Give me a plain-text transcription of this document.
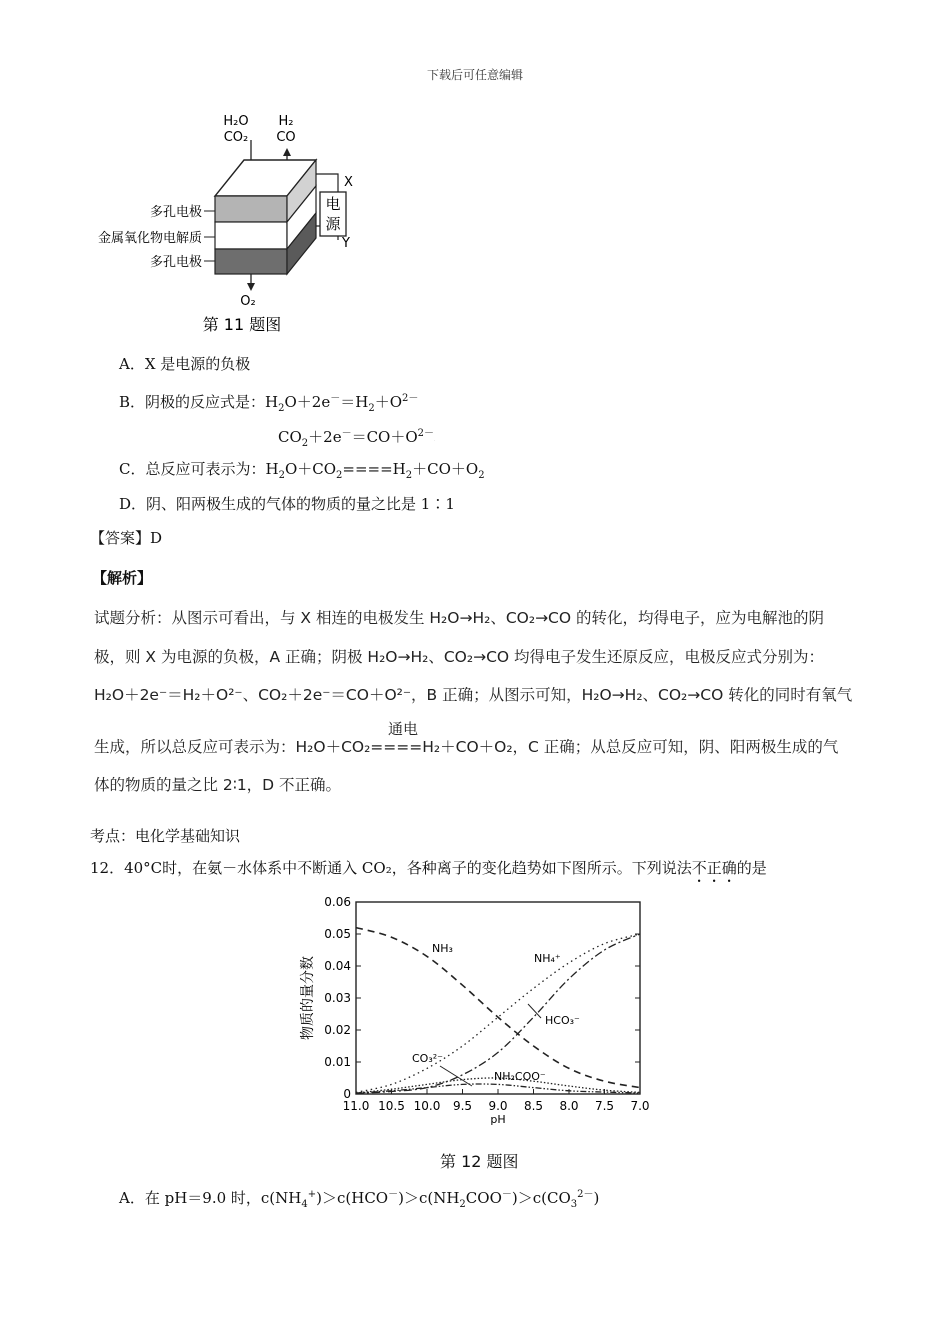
下载后可任意编辑
H₂O
CO₂
H₂
CO
电
源
X
Y
多孔电极
金属氧化物电解质
多孔电极
O₂
第 11 题图
A．X 是电源的负极
B．阴极的反应式是：$H_2O+2e^-=H_2+O^{2-}$
$CO_2+2e^-=CO+O^{2-}\cdot$
C．总反应可表示为：$H_2O+CO_2====H_2+CO+O_2$
D．阴、阳两极生成的气体的物质的量之比是 1∶1
【答案】D
【解析】
试题分析：从图示可看出，与 X 相连的电极发生 H₂O→H₂、CO₂→CO 的转化，均得电子，应为电解池的阴
极，则 X 为电源的负极，A 正确；阴极 H₂O→H₂、CO₂→CO 均得电子发生还原反应，电极反应式分别为：
H₂O＋2e⁻＝H₂＋O²⁻、CO₂＋2e⁻＝CO＋O²⁻，B 正确；从图示可知，H₂O→H₂、CO₂→CO 转化的同时有氧气
通电
生成，所以总反应可表示为：H₂O＋CO₂====H₂＋CO＋O₂，C 正确；从总反应可知，阴、阳两极生成的气
体的物质的量之比 2∶1，D 不正确。
考点：电化学基础知识
12．40°C时，在氨－水体系中不断通入 CO₂，各种离子的变化趋势如下图所示。下列说法不正确的是
0
0.01
0.02
0.03
0.04
0.05
0.06
11.0 10.5 10.0 9.5 9.0 8.5 8.0 7.5 7.0
pH
物质的量分数
NH₃
NH₄⁺
HCO₃⁻
CO₃²⁻
NH₂COO⁻
第 12 题图
A．在 pH＝9.0 时，$c(NH_4^+)>c(HCO^-)>c(NH_2COO^-)>c(CO_3^{2-})$
